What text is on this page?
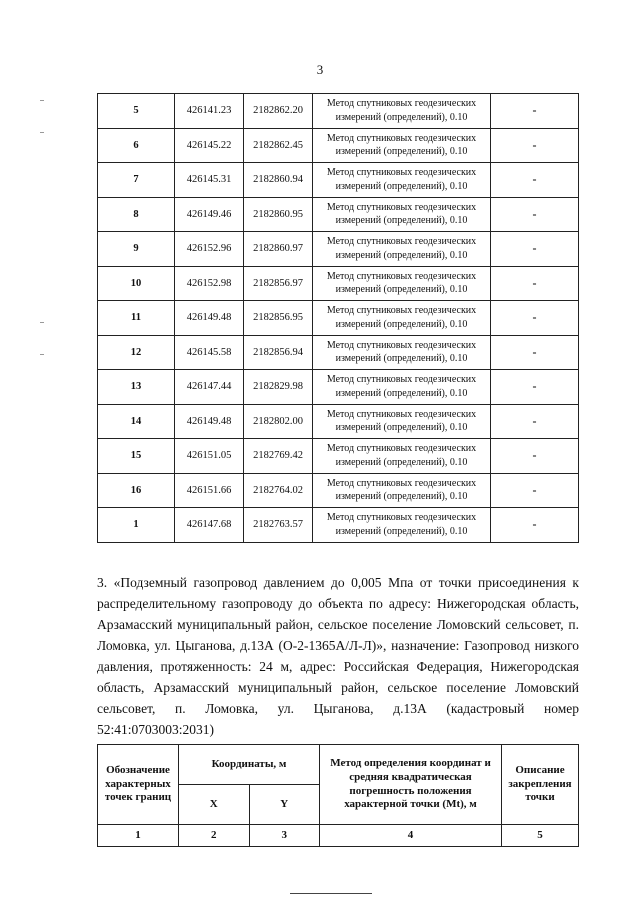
3
5	426141.23	2182862.20	Метод спутниковых геодезических измерений (определений), 0.10	-
6	426145.22	2182862.45	Метод спутниковых геодезических измерений (определений), 0.10	-
7	426145.31	2182860.94	Метод спутниковых геодезических измерений (определений), 0.10	-
8	426149.46	2182860.95	Метод спутниковых геодезических измерений (определений), 0.10	-
9	426152.96	2182860.97	Метод спутниковых геодезических измерений (определений), 0.10	-
10	426152.98	2182856.97	Метод спутниковых геодезических измерений (определений), 0.10	-
11	426149.48	2182856.95	Метод спутниковых геодезических измерений (определений), 0.10	-
12	426145.58	2182856.94	Метод спутниковых геодезических измерений (определений), 0.10	-
13	426147.44	2182829.98	Метод спутниковых геодезических измерений (определений), 0.10	-
14	426149.48	2182802.00	Метод спутниковых геодезических измерений (определений), 0.10	-
15	426151.05	2182769.42	Метод спутниковых геодезических измерений (определений), 0.10	-
16	426151.66	2182764.02	Метод спутниковых геодезических измерений (определений), 0.10	-
1	426147.68	2182763.57	Метод спутниковых геодезических измерений (определений), 0.10	-
3. «Подземный газопровод давлением до 0,005 Мпа от точки присоединения к распределительному газопроводу до объекта по адресу: Нижегородская область, Арзамасский муниципальный район, сельское поселение Ломовский сельсовет, п. Ломовка, ул. Цыганова, д.13А (О-2-1365А/Л-Л)», назначение: Газопровод низкого давления, протяженность: 24 м, адрес: Российская Федерация, Нижегородская область, Арзамасский муниципальный район, сельское поселение Ломовский сельсовет, п. Ломовка, ул. Цыганова, д.13А (кадастровый номер 52:41:0703003:2031)
Обозначение характерных точек границ	Координаты, м		Метод определения координат и средняя квадратическая погрешность положения характерной точки (Mt), м	Описание закрепления точки
	X	Y		
1	2	3	4	5
